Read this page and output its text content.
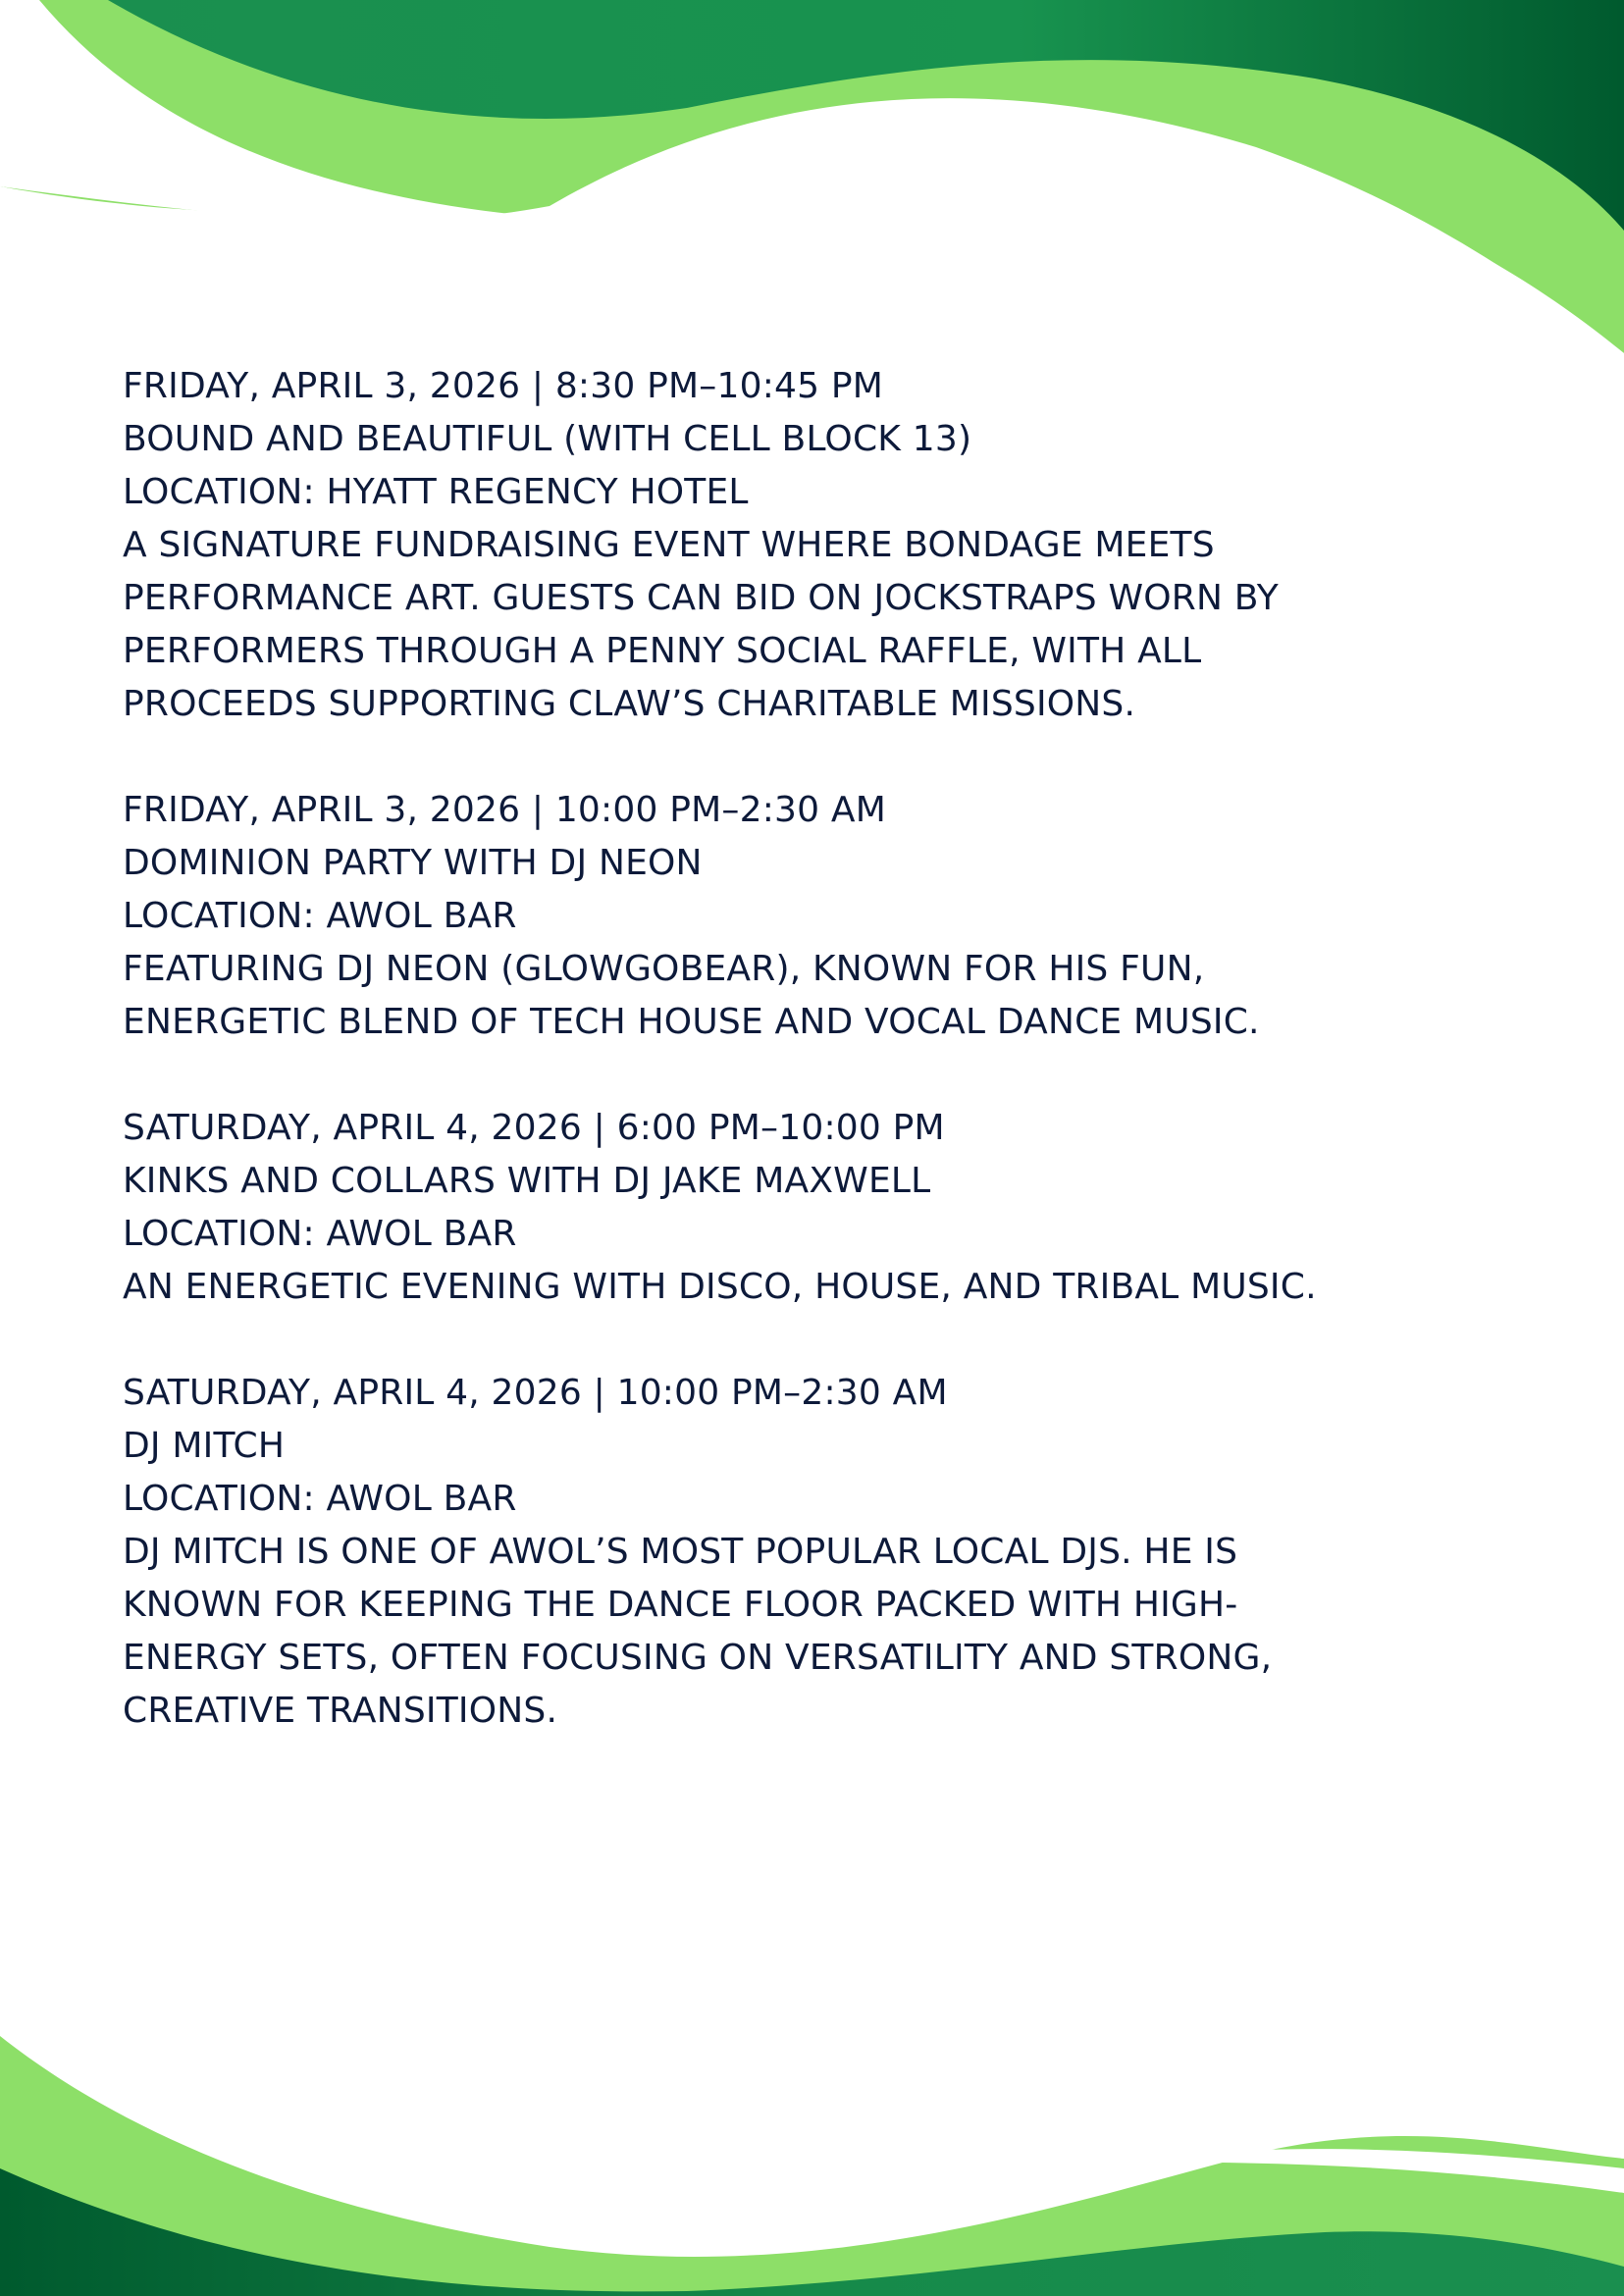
FRIDAY, APRIL 3, 2026 | 8:30 PM–10:45 PM
BOUND AND BEAUTIFUL (WITH CELL BLOCK 13)
LOCATION: HYATT REGENCY HOTEL
A SIGNATURE FUNDRAISING EVENT WHERE BONDAGE MEETS
PERFORMANCE ART. GUESTS CAN BID ON JOCKSTRAPS WORN BY
PERFORMERS THROUGH A PENNY SOCIAL RAFFLE, WITH ALL
PROCEEDS SUPPORTING CLAW’S CHARITABLE MISSIONS.
FRIDAY, APRIL 3, 2026 | 10:00 PM–2:30 AM
DOMINION PARTY WITH DJ NEON
LOCATION: AWOL BAR
FEATURING DJ NEON (GLOWGOBEAR), KNOWN FOR HIS FUN,
ENERGETIC BLEND OF TECH HOUSE AND VOCAL DANCE MUSIC.
SATURDAY, APRIL 4, 2026 | 6:00 PM–10:00 PM
KINKS AND COLLARS WITH DJ JAKE MAXWELL
LOCATION: AWOL BAR
AN ENERGETIC EVENING WITH DISCO, HOUSE, AND TRIBAL MUSIC.
SATURDAY, APRIL 4, 2026 | 10:00 PM–2:30 AM
DJ MITCH
LOCATION: AWOL BAR
DJ MITCH IS ONE OF AWOL’S MOST POPULAR LOCAL DJS. HE IS
KNOWN FOR KEEPING THE DANCE FLOOR PACKED WITH HIGH-
ENERGY SETS, OFTEN FOCUSING ON VERSATILITY AND STRONG,
CREATIVE TRANSITIONS.
